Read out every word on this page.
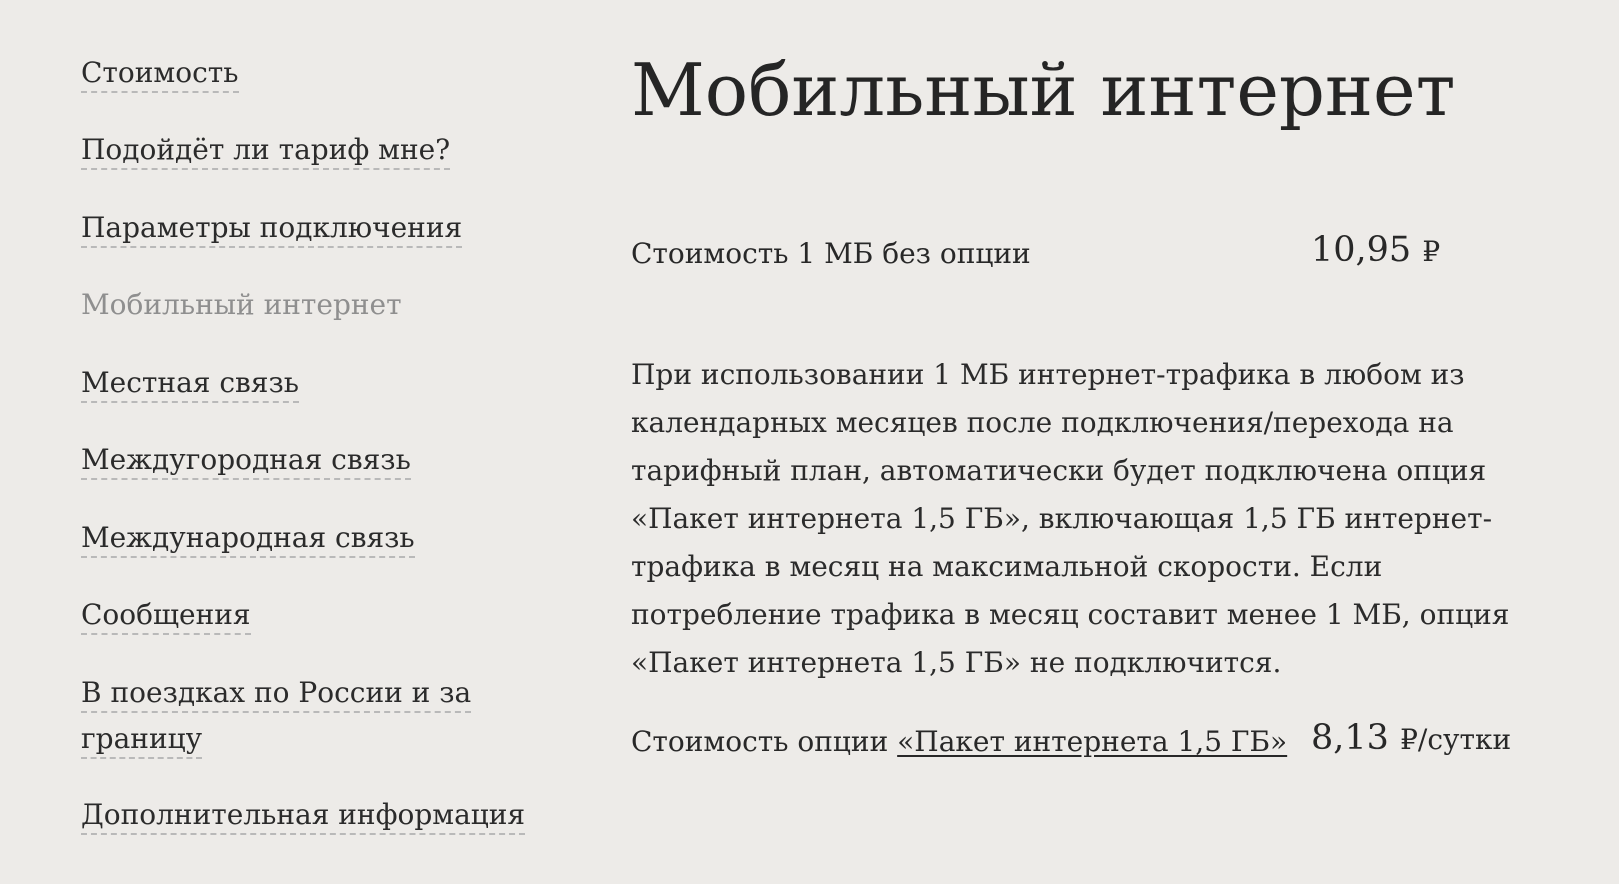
Стоимость
Подойдёт ли тариф мне?
Параметры подключения
Мобильный интернет
Местная связь
Междугородная связь
Международная связь
Сообщения
В поездках по России и за границу
Дополнительная информация
Мобильный интернет
Стоимость 1 МБ без опции	10,95 ₽

При использовании 1 МБ интернет-трафика в любом из календарных месяцев после подключения/перехода на тарифный план, автоматически будет подключена опция «Пакет интернета 1,5 ГБ», включающая 1,5 ГБ интернет-трафика в месяц на максимальной скорости. Если потребление трафика в месяц составит менее 1 МБ, опция «Пакет интернета 1,5 ГБ» не подключится.

Стоимость опции «Пакет интернета 1,5 ГБ» 8,13 ₽/сутки
